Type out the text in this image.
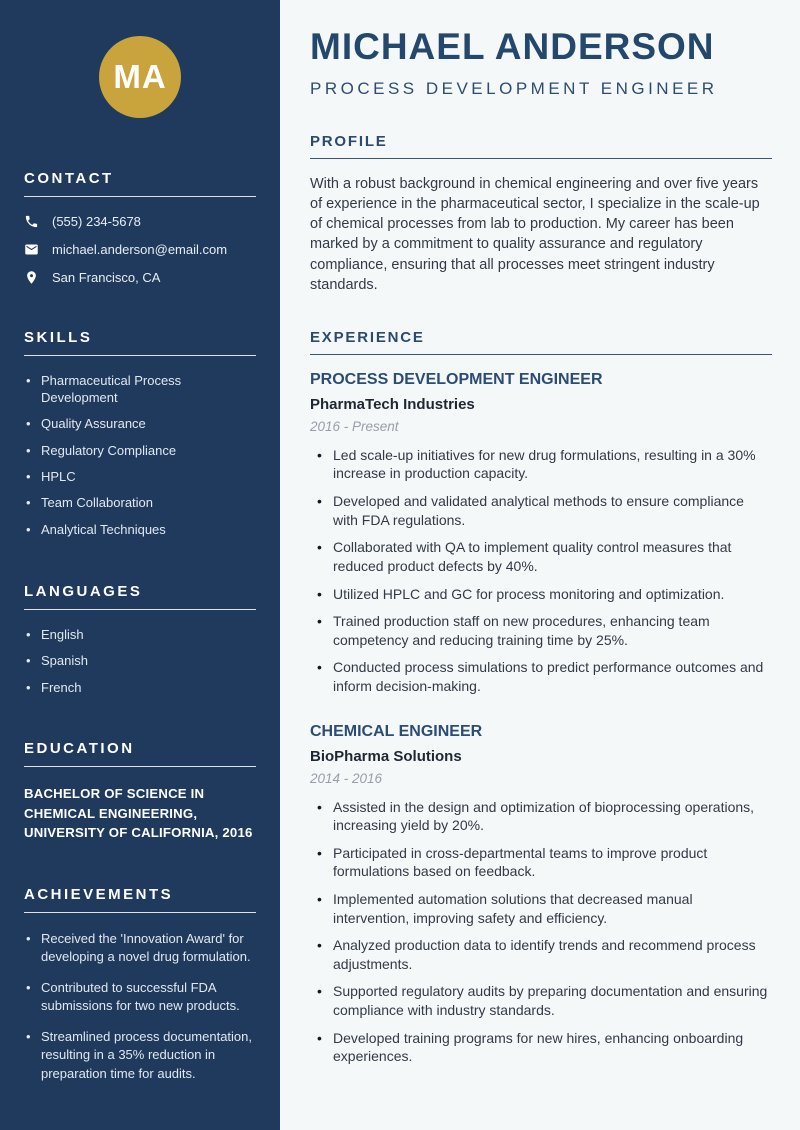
MA
CONTACT
(555) 234-5678
michael.anderson@email.com
San Francisco, CA
SKILLS
• Pharmaceutical Process Development
• Quality Assurance
• Regulatory Compliance
• HPLC
• Team Collaboration
• Analytical Techniques
LANGUAGES
• English
• Spanish
• French
EDUCATION

BACHELOR OF SCIENCE IN CHEMICAL ENGINEERING, UNIVERSITY OF CALIFORNIA, 2016

ACHIEVEMENTS
• Received the 'Innovation Award' for developing a novel drug formulation.
• Contributed to successful FDA submissions for two new products.
• Streamlined process documentation, resulting in a 35% reduction in preparation time for audits.
MICHAEL ANDERSON
PROCESS DEVELOPMENT ENGINEER
PROFILE

With a robust background in chemical engineering and over five years of experience in the pharmaceutical sector, I specialize in the scale-up of chemical processes from lab to production. My career has been marked by a commitment to quality assurance and regulatory compliance, ensuring that all processes meet stringent industry standards.

EXPERIENCE
PROCESS DEVELOPMENT ENGINEER
PharmaTech Industries
2016 - Present
• Led scale-up initiatives for new drug formulations, resulting in a 30% increase in production capacity.
• Developed and validated analytical methods to ensure compliance with FDA regulations.
• Collaborated with QA to implement quality control measures that reduced product defects by 40%.
• Utilized HPLC and GC for process monitoring and optimization.
• Trained production staff on new procedures, enhancing team competency and reducing training time by 25%.
• Conducted process simulations to predict performance outcomes and inform decision-making.
CHEMICAL ENGINEER
BioPharma Solutions
2014 - 2016
• Assisted in the design and optimization of bioprocessing operations, increasing yield by 20%.
• Participated in cross-departmental teams to improve product formulations based on feedback.
• Implemented automation solutions that decreased manual intervention, improving safety and efficiency.
• Analyzed production data to identify trends and recommend process adjustments.
• Supported regulatory audits by preparing documentation and ensuring compliance with industry standards.
• Developed training programs for new hires, enhancing onboarding experiences.
